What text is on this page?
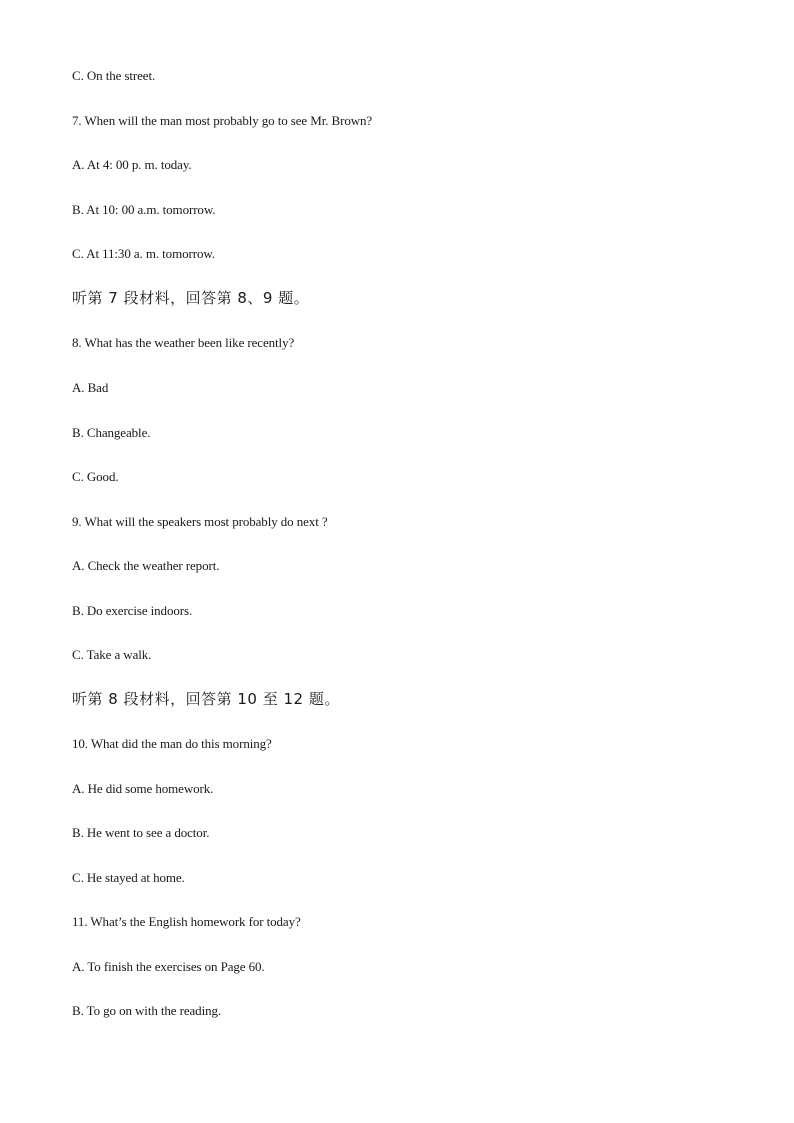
C. On the street.
7. When will the man most probably go to see Mr. Brown?
A. At 4: 00 p. m. today.
B. At 10: 00 a.m. tomorrow.
C. At 11:30 a. m. tomorrow.
听第 7 段材料，回答第 8、9 题。
8. What has the weather been like recently?
A. Bad
B. Changeable.
C. Good.
9. What will the speakers most probably do next ?
A. Check the weather report.
B. Do exercise indoors.
C. Take a walk.
听第 8 段材料，回答第 10 至 12 题。
10. What did the man do this morning?
A. He did some homework.
B. He went to see a doctor.
C. He stayed at home.
11. What’s the English homework for today?
A. To finish the exercises on Page 60.
B. To go on with the reading.
